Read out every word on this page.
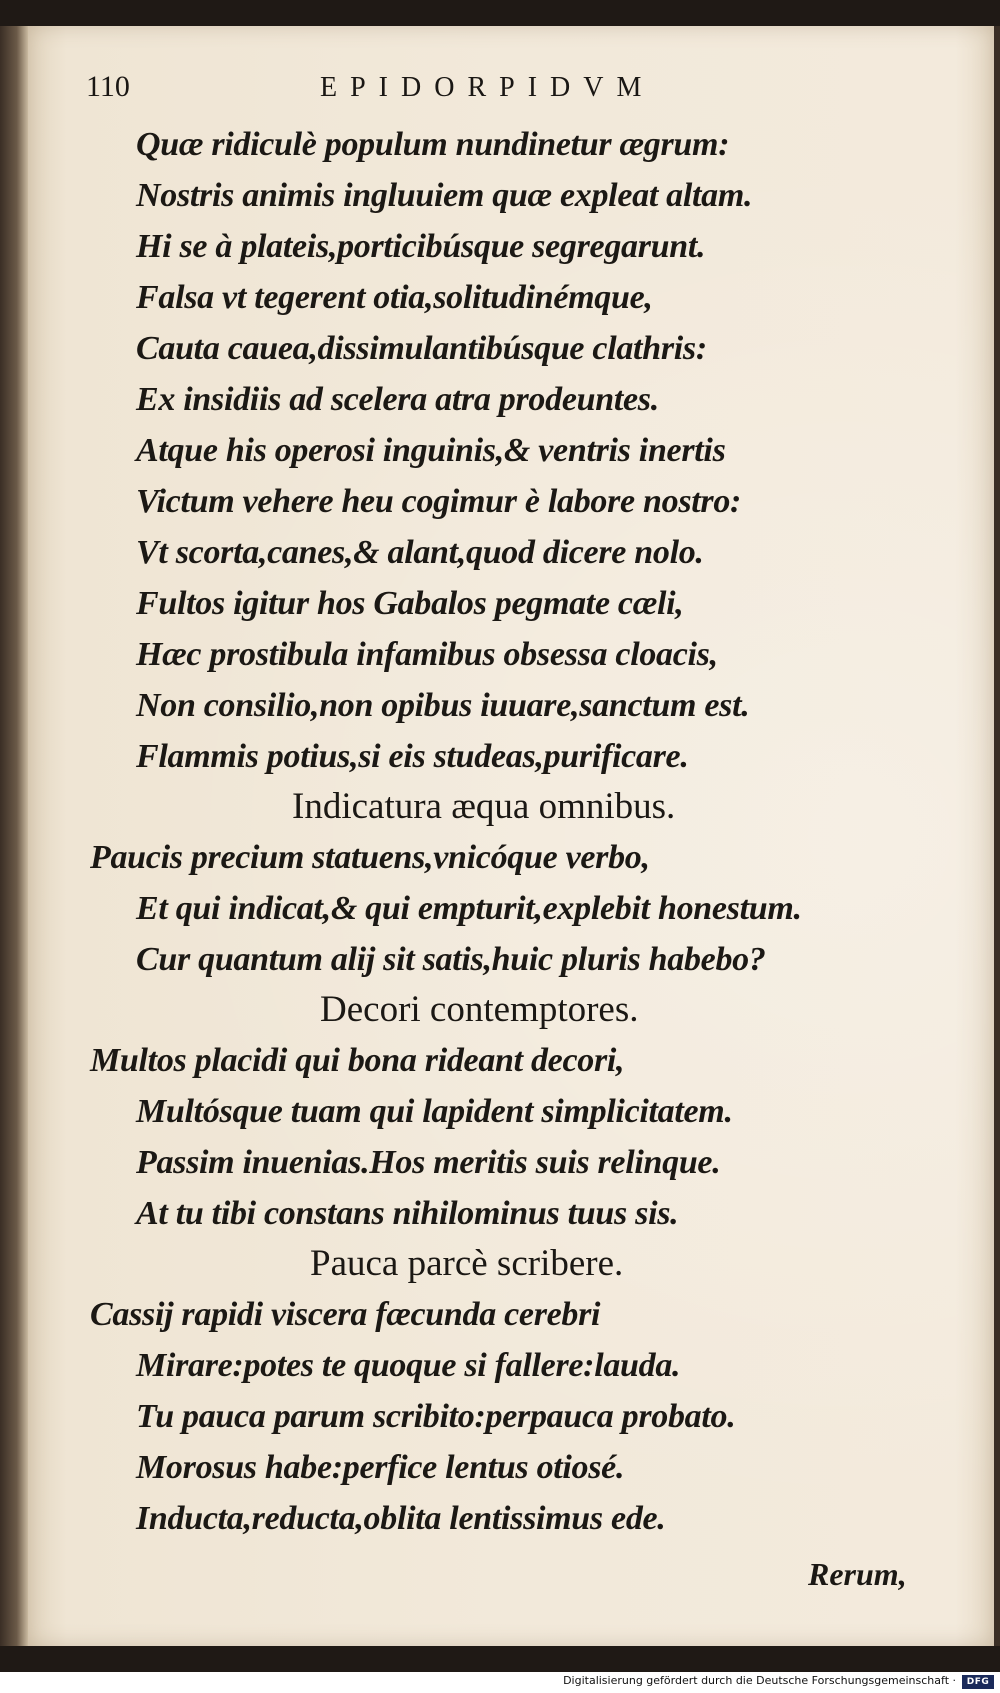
110	EPIDORPIDVM
Quæ ridiculè populum nundinetur ægrum:
Nostris animis ingluuiem quæ expleat altam.
Hi se à plateis,porticibúsque segregarunt.
Falsa vt tegerent otia,solitudinémque,
Cauta cauea,dissimulantibúsque clathris:
Ex insidiis ad scelera atra prodeuntes.
Atque his operosi inguinis,& ventris inertis
Victum vehere heu cogimur è labore nostro:
Vt scorta,canes,& alant,quod dicere nolo.
Fultos igitur hos Gabalos pegmate cæli,
Hæc prostibula infamibus obsessa cloacis,
Non consilio,non opibus iuuare,sanctum est.
Flammis potius,si eis studeas,purificare.
Indicatura æqua omnibus.
Paucis precium statuens,vnicóque verbo,
Et qui indicat,& qui empturit,explebit honestum.
Cur quantum alij sit satis,huic pluris habebo?
Decori contemptores.
Multos placidi qui bona rideant decori,
Multósque tuam qui lapident simplicitatem.
Passim inuenias.Hos meritis suis relinque.
At tu tibi constans nihilominus tuus sis.
Pauca parcè scribere.
Cassij rapidi viscera fæcunda cerebri
Mirare:potes te quoque si fallere:lauda.
Tu pauca parum scribito:perpauca probato.
Morosus habe:perfice lentus otiosé.
Inducta,reducta,oblita lentissimus ede.
Rerum,
Digitalisierung gefördert durch die Deutsche Forschungsgemeinschaft ·	DFG
